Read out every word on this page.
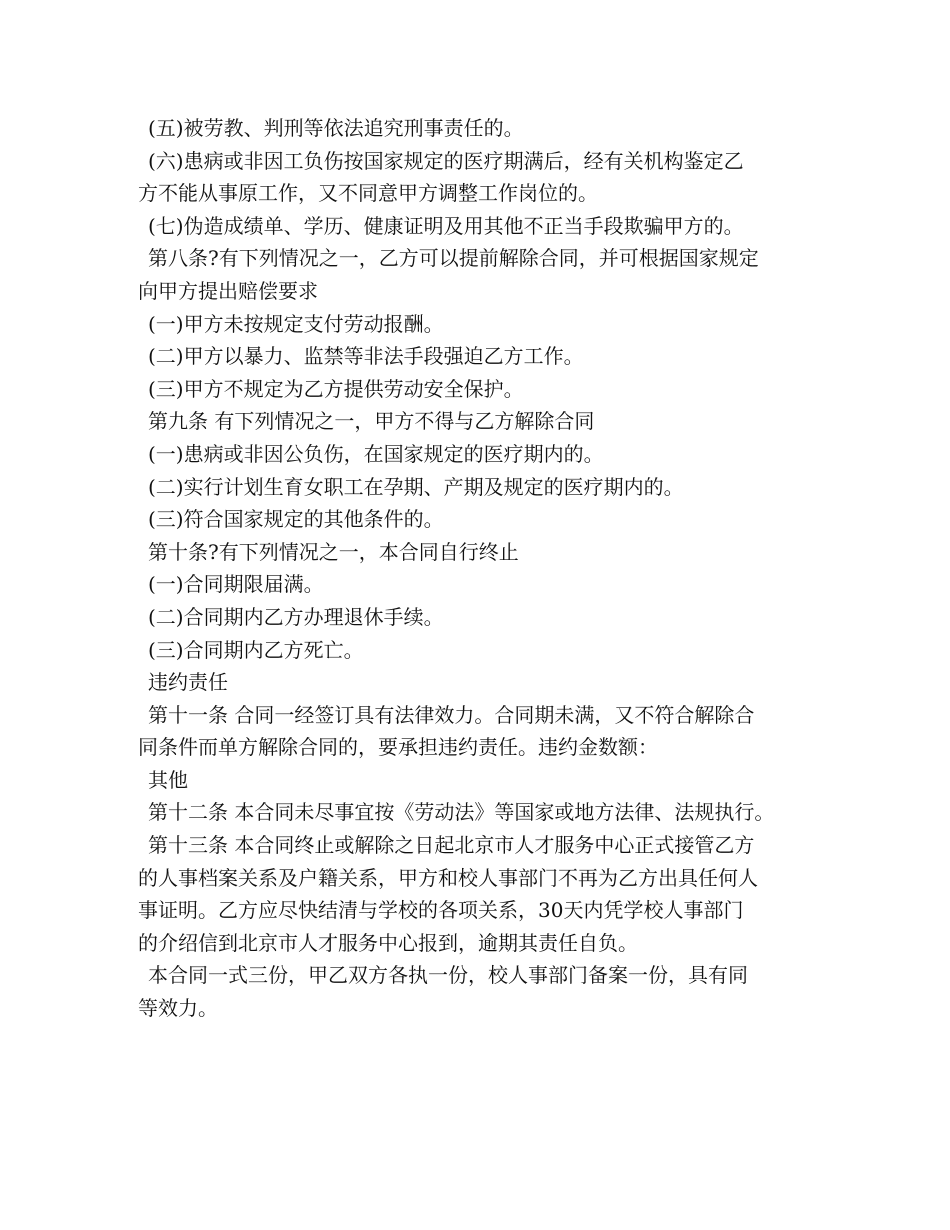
(五)被劳教、判刑等依法追究刑事责任的。
(六)患病或非因工负伤按国家规定的医疗期满后，经有关机构鉴定乙
方不能从事原工作，又不同意甲方调整工作岗位的。
(七)伪造成绩单、学历、健康证明及用其他不正当手段欺骗甲方的。
第八条?有下列情况之一，乙方可以提前解除合同，并可根据国家规定
向甲方提出赔偿要求
(一)甲方未按规定支付劳动报酬。
(二)甲方以暴力、监禁等非法手段强迫乙方工作。
(三)甲方不规定为乙方提供劳动安全保护。
第九条 有下列情况之一，甲方不得与乙方解除合同
(一)患病或非因公负伤，在国家规定的医疗期内的。
(二)实行计划生育女职工在孕期、产期及规定的医疗期内的。
(三)符合国家规定的其他条件的。
第十条?有下列情况之一，本合同自行终止
(一)合同期限届满。
(二)合同期内乙方办理退休手续。
(三)合同期内乙方死亡。
违约责任
第十一条 合同一经签订具有法律效力。合同期未满，又不符合解除合
同条件而单方解除合同的，要承担违约责任。违约金数额：
其他
第十二条 本合同未尽事宜按《劳动法》等国家或地方法律、法规执行。
第十三条 本合同终止或解除之日起北京市人才服务中心正式接管乙方
的人事档案关系及户籍关系，甲方和校人事部门不再为乙方出具任何人
事证明。乙方应尽快结清与学校的各项关系，30天内凭学校人事部门
的介绍信到北京市人才服务中心报到，逾期其责任自负。
本合同一式三份，甲乙双方各执一份，校人事部门备案一份，具有同
等效力。
